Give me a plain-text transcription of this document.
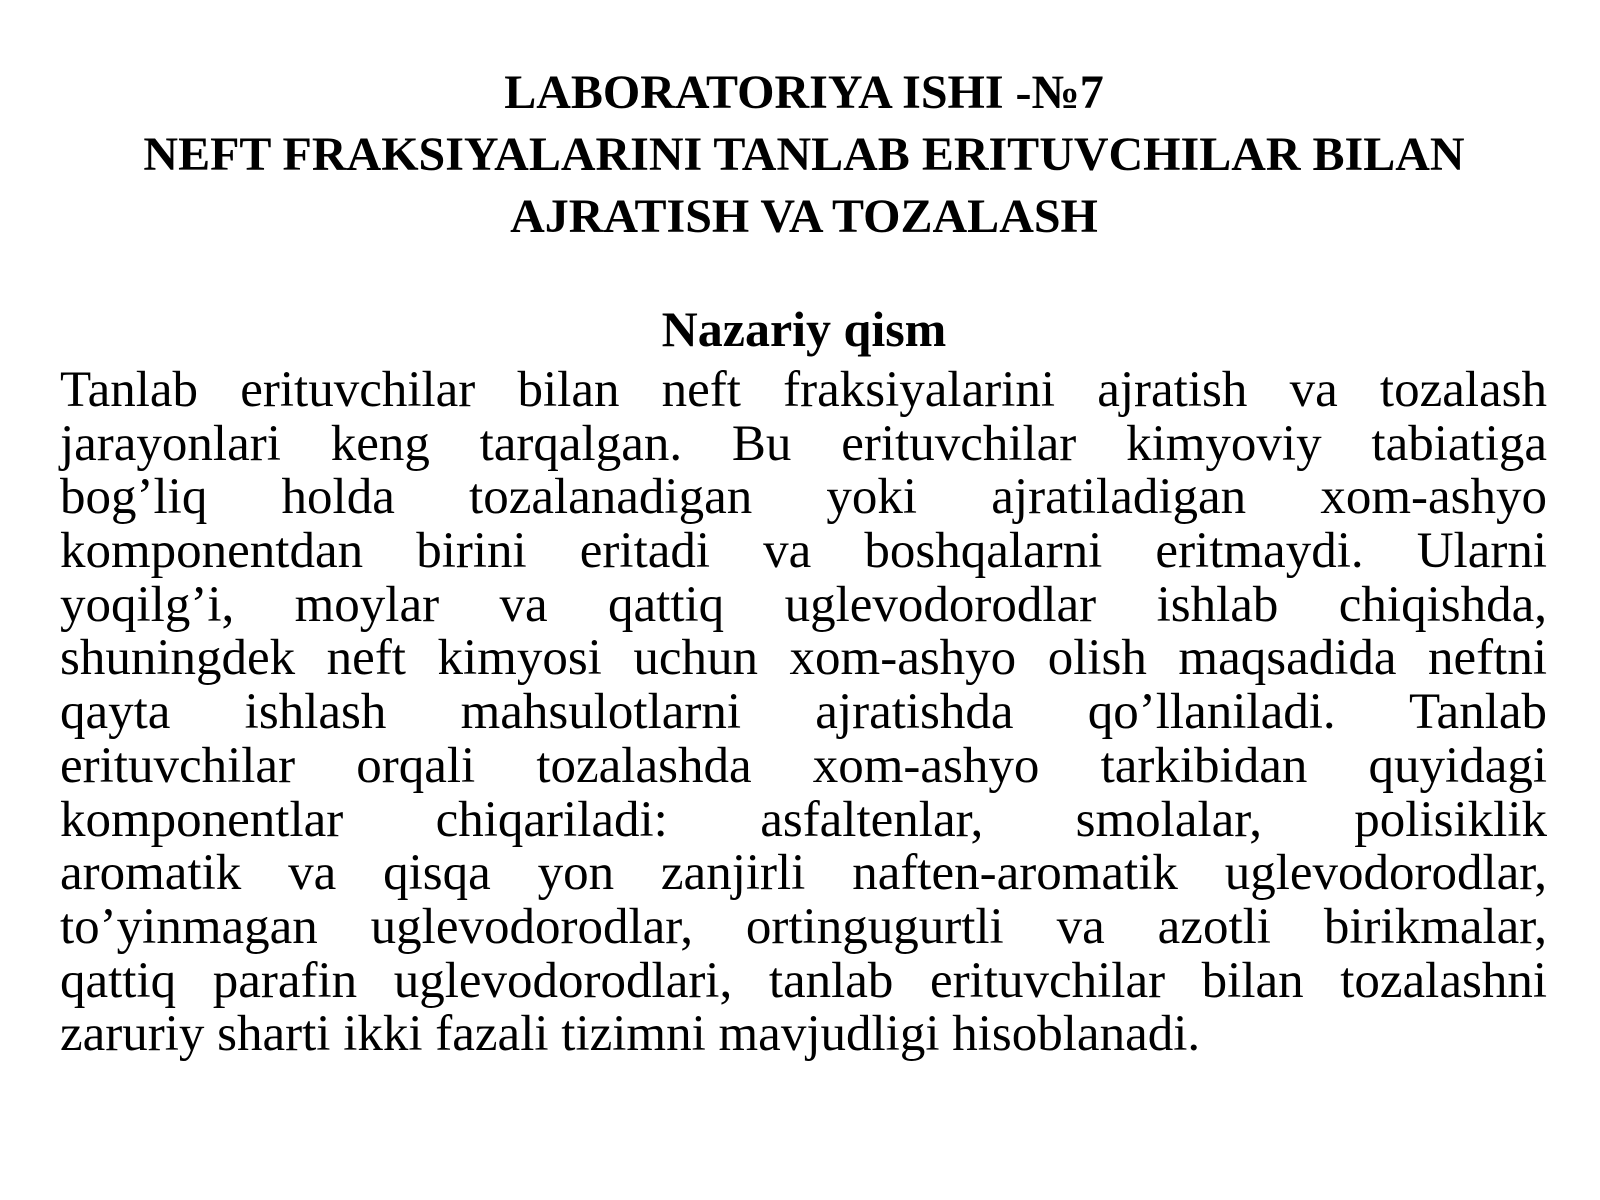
LABORATORIYA ISHI -№7
NEFT FRAKSIYALARINI TANLAB ERITUVCHILAR BILAN
AJRATISH VA TOZALASH
Nazariy qism
Tanlab erituvchilar bilan neft fraksiyalarini ajratish va tozalash
jarayonlari keng tarqalgan. Bu erituvchilar kimyoviy tabiatiga
bog’liq holda tozalanadigan yoki ajratiladigan xom-ashyo
komponentdan birini eritadi va boshqalarni eritmaydi. Ularni
yoqilg’i, moylar va qattiq uglevodorodlar ishlab chiqishda,
shuningdek neft kimyosi uchun xom-ashyo olish maqsadida neftni
qayta ishlash mahsulotlarni ajratishda qo’llaniladi. Tanlab
erituvchilar orqali tozalashda xom-ashyo tarkibidan quyidagi
komponentlar chiqariladi: asfaltenlar, smolalar, polisiklik
aromatik va qisqa yon zanjirli naften-aromatik uglevodorodlar,
to’yinmagan uglevodorodlar, ortingugurtli va azotli birikmalar,
qattiq parafin uglevodorodlari, tanlab erituvchilar bilan tozalashni
zaruriy sharti ikki fazali tizimni mavjudligi hisoblanadi.
